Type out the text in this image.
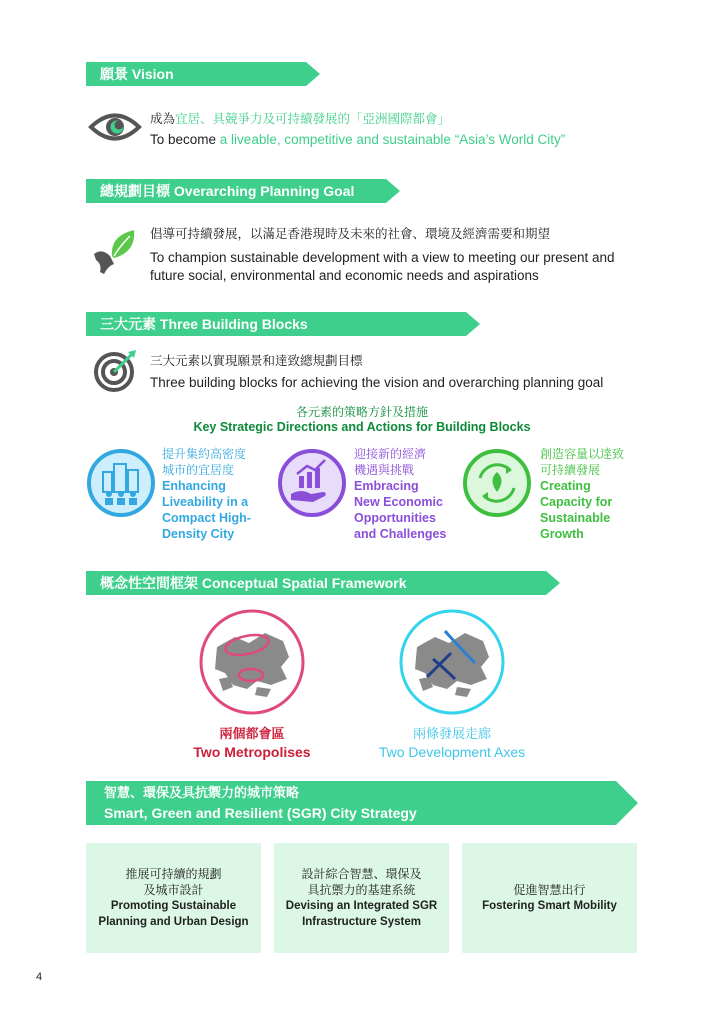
願景 Vision
成為宜居、具競爭力及可持續發展的「亞洲國際都會」
To become a liveable, competitive and sustainable “Asia’s World City”
總規劃目標 Overarching Planning Goal
倡導可持續發展，以滿足香港現時及未來的社會、環境及經濟需要和期望
To champion sustainable development with a view to meeting our present and
future social, environmental and economic needs and aspirations
三大元素 Three Building Blocks
三大元素以實現願景和達致總規劃目標
Three building blocks for achieving the vision and overarching planning goal
各元素的策略方針及措施
Key Strategic Directions and Actions for Building Blocks
提升集約高密度
城市的宜居度
Enhancing
Liveability in a
Compact High-
Density City
迎接新的經濟
機遇與挑戰
Embracing
New Economic
Opportunities
and Challenges
創造容量以達致
可持續發展
Creating
Capacity for
Sustainable
Growth
概念性空間框架 Conceptual Spatial Framework
兩個都會區
Two Metropolises
兩條發展走廊
Two Development Axes
智慧、環保及具抗禦力的城市策略
Smart, Green and Resilient (SGR) City Strategy
推展可持續的規劃
及城市設計
Promoting Sustainable
Planning and Urban Design
設計綜合智慧、環保及
具抗禦力的基建系統
Devising an Integrated SGR
Infrastructure System
促進智慧出行
Fostering Smart Mobility
4
